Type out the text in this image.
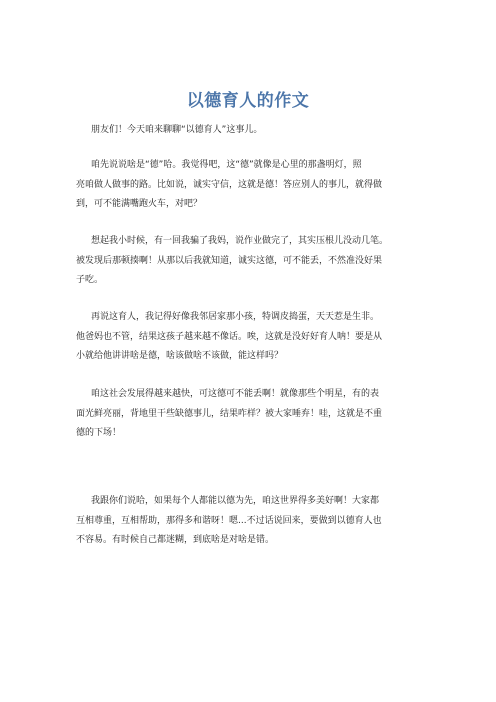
以德育人的作文

朋友们！今天咱来聊聊“以德育人”这事儿。

咱先说说啥是“德”哈。我觉得吧，这“德”就像是心里的那盏明灯，照
亮咱做人做事的路。比如说，诚实守信，这就是德！答应别人的事儿，就得做
到，可不能满嘴跑火车，对吧？

想起我小时候，有一回我骗了我妈，说作业做完了，其实压根儿没动几笔。
被发现后那顿揍啊！从那以后我就知道，诚实这德，可不能丢，不然准没好果
子吃。

再说这育人，我记得好像我邻居家那小孩，特调皮捣蛋，天天惹是生非。
他爸妈也不管，结果这孩子越来越不像话。唉，这就是没好好育人呐！要是从
小就给他讲讲啥是德，啥该做啥不该做，能这样吗？

咱这社会发展得越来越快，可这德可不能丢啊！就像那些个明星，有的表
面光鲜亮丽，背地里干些缺德事儿，结果咋样？被大家唾弃！哇，这就是不重
德的下场！

我跟你们说哈，如果每个人都能以德为先，咱这世界得多美好啊！大家都
互相尊重，互相帮助，那得多和谐呀！嗯...不过话说回来，要做到以德育人也
不容易。有时候自己都迷糊，到底啥是对啥是错。
